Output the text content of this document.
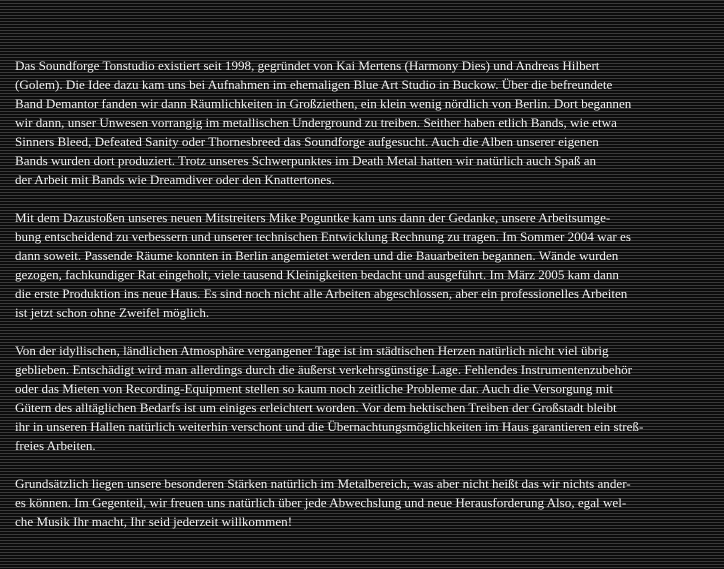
Das Soundforge Tonstudio existiert seit 1998, gegründet von Kai Mertens (Harmony Dies) und Andreas Hilbert
(Golem). Die Idee dazu kam uns bei Aufnahmen im ehemaligen Blue Art Studio in Buckow. Über die befreundete
Band Demantor fanden wir dann Räumlichkeiten in Großziethen, ein klein wenig nördlich von Berlin. Dort begannen
wir dann, unser Unwesen vorrangig im metallischen Underground zu treiben. Seither haben etlich Bands, wie etwa
Sinners Bleed, Defeated Sanity oder Thornesbreed das Soundforge aufgesucht. Auch die Alben unserer eigenen
Bands wurden dort produziert. Trotz unseres Schwerpunktes im Death Metal hatten wir natürlich auch Spaß an
der Arbeit mit Bands wie Dreamdiver oder den Knattertones.

Mit dem Dazustoßen unseres neuen Mitstreiters Mike Poguntke kam uns dann der Gedanke, unsere Arbeitsumge-
bung entscheidend zu verbessern und unserer technischen Entwicklung Rechnung zu tragen. Im Sommer 2004 war es
dann soweit. Passende Räume konnten in Berlin angemietet werden und die Bauarbeiten begannen. Wände wurden
gezogen, fachkundiger Rat eingeholt, viele tausend Kleinigkeiten bedacht und ausgeführt. Im März 2005 kam dann
die erste Produktion ins neue Haus. Es sind noch nicht alle Arbeiten abgeschlossen, aber ein professionelles Arbeiten
ist jetzt schon ohne Zweifel möglich.

Von der idyllischen, ländlichen Atmosphäre vergangener Tage ist im städtischen Herzen natürlich nicht viel übrig
geblieben. Entschädigt wird man allerdings durch die äußerst verkehrsgünstige Lage. Fehlendes Instrumentenzubehör
oder das Mieten von Recording-Equipment stellen so kaum noch zeitliche Probleme dar. Auch die Versorgung mit
Gütern des alltäglichen Bedarfs ist um einiges erleichtert worden. Vor dem hektischen Treiben der Großstadt bleibt
ihr in unseren Hallen natürlich weiterhin verschont und die Übernachtungsmöglichkeiten im Haus garantieren ein streß-
freies Arbeiten.

Grundsätzlich liegen unsere besonderen Stärken natürlich im Metalbereich, was aber nicht heißt das wir nichts ander-
es können. Im Gegenteil, wir freuen uns natürlich über jede Abwechslung und neue Herausforderung Also, egal wel-
che Musik Ihr macht, Ihr seid jederzeit willkommen!
